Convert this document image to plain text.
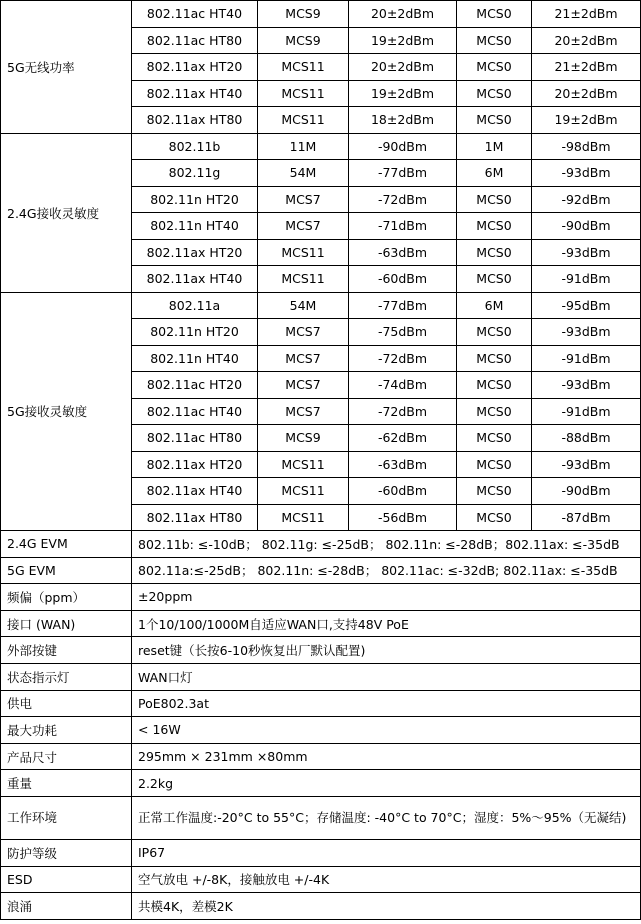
5G无线功率	802.11ac HT40	MCS9	20±2dBm	MCS0	21±2dBm
	802.11ac HT80	MCS9	19±2dBm	MCS0	20±2dBm
	802.11ax HT20	MCS11	20±2dBm	MCS0	21±2dBm
	802.11ax HT40	MCS11	19±2dBm	MCS0	20±2dBm
	802.11ax HT80	MCS11	18±2dBm	MCS0	19±2dBm
2.4G接收灵敏度	802.11b	11M	-90dBm	1M	-98dBm
	802.11g	54M	-77dBm	6M	-93dBm
	802.11n HT20	MCS7	-72dBm	MCS0	-92dBm
	802.11n HT40	MCS7	-71dBm	MCS0	-90dBm
	802.11ax HT20	MCS11	-63dBm	MCS0	-93dBm
	802.11ax HT40	MCS11	-60dBm	MCS0	-91dBm
5G接收灵敏度	802.11a	54M	-77dBm	6M	-95dBm
	802.11n HT20	MCS7	-75dBm	MCS0	-93dBm
	802.11n HT40	MCS7	-72dBm	MCS0	-91dBm
	802.11ac HT20	MCS7	-74dBm	MCS0	-93dBm
	802.11ac HT40	MCS7	-72dBm	MCS0	-91dBm
	802.11ac HT80	MCS9	-62dBm	MCS0	-88dBm
	802.11ax HT20	MCS11	-63dBm	MCS0	-93dBm
	802.11ax HT40	MCS11	-60dBm	MCS0	-90dBm
	802.11ax HT80	MCS11	-56dBm	MCS0	-87dBm
2.4G EVM	802.11b: ≤-10dB； 802.11g: ≤-25dB； 802.11n: ≤-28dB；802.11ax: ≤-35dB				
5G EVM	802.11a:≤-25dB； 802.11n: ≤-28dB； 802.11ac: ≤-32dB; 802.11ax: ≤-35dB				
频偏（ppm）	±20ppm				
接口 (WAN)	1个10/100/1000M自适应WAN口,支持48V PoE				
外部按键	reset键（长按6-10秒恢复出厂默认配置)				
状态指示灯	WAN口灯				
供电	PoE802.3at				
最大功耗	< 16W				
产品尺寸	295mm × 231mm ×80mm				
重量	2.2kg				
工作环境	正常工作温度:-20°C to 55°C；存储温度: -40°C to 70°C；湿度：5%～95%（无凝结)				
防护等级	IP67				
ESD	空气放电 +/-8K，接触放电 +/-4K				
浪涌	共模4K，差模2K				
